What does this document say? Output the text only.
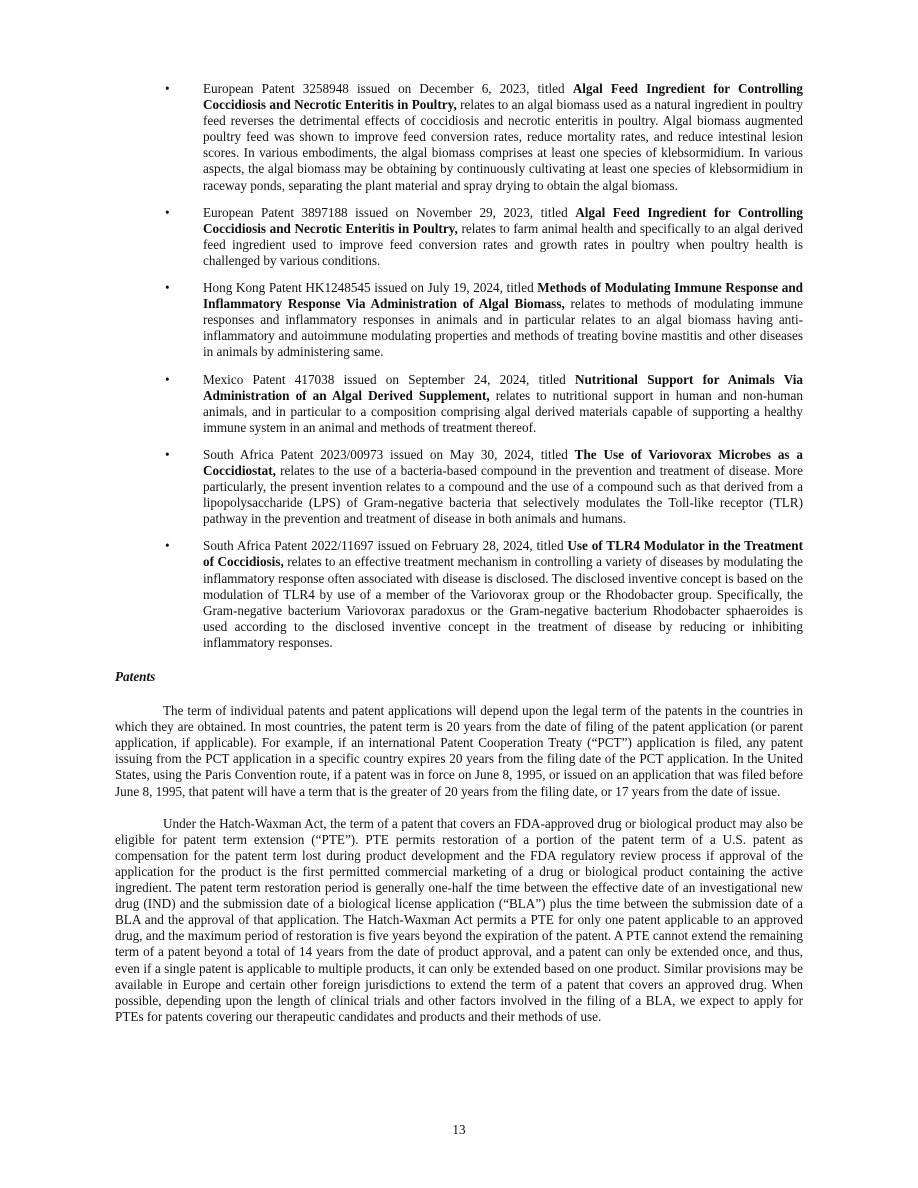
•	European Patent 3258948 issued on December 6, 2023, titled Algal Feed Ingredient for Controlling Coccidiosis and Necrotic Enteritis in Poultry, relates to an algal biomass used as a natural ingredient in poultry feed reverses the detrimental effects of coccidiosis and necrotic enteritis in poultry. Algal biomass augmented poultry feed was shown to improve feed conversion rates, reduce mortality rates, and reduce intestinal lesion scores. In various embodiments, the algal biomass comprises at least one species of klebsormidium. In various aspects, the algal biomass may be obtaining by continuously cultivating at least one species of klebsormidium in raceway ponds, separating the plant material and spray drying to obtain the algal biomass.
•	European Patent 3897188 issued on November 29, 2023, titled Algal Feed Ingredient for Controlling Coccidiosis and Necrotic Enteritis in Poultry, relates to farm animal health and specifically to an algal derived feed ingredient used to improve feed conversion rates and growth rates in poultry when poultry health is challenged by various conditions.
•	Hong Kong Patent HK1248545 issued on July 19, 2024, titled Methods of Modulating Immune Response and Inflammatory Response Via Administration of Algal Biomass, relates to methods of modulating immune responses and inflammatory responses in animals and in particular relates to an algal biomass having anti-inflammatory and autoimmune modulating properties and methods of treating bovine mastitis and other diseases in animals by administering same.
•	Mexico Patent 417038 issued on September 24, 2024, titled Nutritional Support for Animals Via Administration of an Algal Derived Supplement, relates to nutritional support in human and non-human animals, and in particular to a composition comprising algal derived materials capable of supporting a healthy immune system in an animal and methods of treatment thereof.
•	South Africa Patent 2023/00973 issued on May 30, 2024, titled The Use of Variovorax Microbes as a Coccidiostat, relates to the use of a bacteria-based compound in the prevention and treatment of disease. More particularly, the present invention relates to a compound and the use of a compound such as that derived from a lipopolysaccharide (LPS) of Gram-negative bacteria that selectively modulates the Toll-like receptor (TLR) pathway in the prevention and treatment of disease in both animals and humans.
•	South Africa Patent 2022/11697 issued on February 28, 2024, titled Use of TLR4 Modulator in the Treatment of Coccidiosis, relates to an effective treatment mechanism in controlling a variety of diseases by modulating the inflammatory response often associated with disease is disclosed. The disclosed inventive concept is based on the modulation of TLR4 by use of a member of the Variovorax group or the Rhodobacter group. Specifically, the Gram-negative bacterium Variovorax paradoxus or the Gram-negative bacterium Rhodobacter sphaeroides is used according to the disclosed inventive concept in the treatment of disease by reducing or inhibiting inflammatory responses.
Patents

The term of individual patents and patent applications will depend upon the legal term of the patents in the countries in which they are obtained. In most countries, the patent term is 20 years from the date of filing of the patent application (or parent application, if applicable). For example, if an international Patent Cooperation Treaty (“PCT”) application is filed, any patent issuing from the PCT application in a specific country expires 20 years from the filing date of the PCT application. In the United States, using the Paris Convention route, if a patent was in force on June 8, 1995, or issued on an application that was filed before June 8, 1995, that patent will have a term that is the greater of 20 years from the filing date, or 17 years from the date of issue.

Under the Hatch-Waxman Act, the term of a patent that covers an FDA-approved drug or biological product may also be eligible for patent term extension (“PTE”). PTE permits restoration of a portion of the patent term of a U.S. patent as compensation for the patent term lost during product development and the FDA regulatory review process if approval of the application for the product is the first permitted commercial marketing of a drug or biological product containing the active ingredient. The patent term restoration period is generally one-half the time between the effective date of an investigational new drug (IND) and the submission date of a biological license application (“BLA”) plus the time between the submission date of a BLA and the approval of that application. The Hatch-Waxman Act permits a PTE for only one patent applicable to an approved drug, and the maximum period of restoration is five years beyond the expiration of the patent. A PTE cannot extend the remaining term of a patent beyond a total of 14 years from the date of product approval, and a patent can only be extended once, and thus, even if a single patent is applicable to multiple products, it can only be extended based on one product. Similar provisions may be available in Europe and certain other foreign jurisdictions to extend the term of a patent that covers an approved drug. When possible, depending upon the length of clinical trials and other factors involved in the filing of a BLA, we expect to apply for PTEs for patents covering our therapeutic candidates and products and their methods of use.

13
